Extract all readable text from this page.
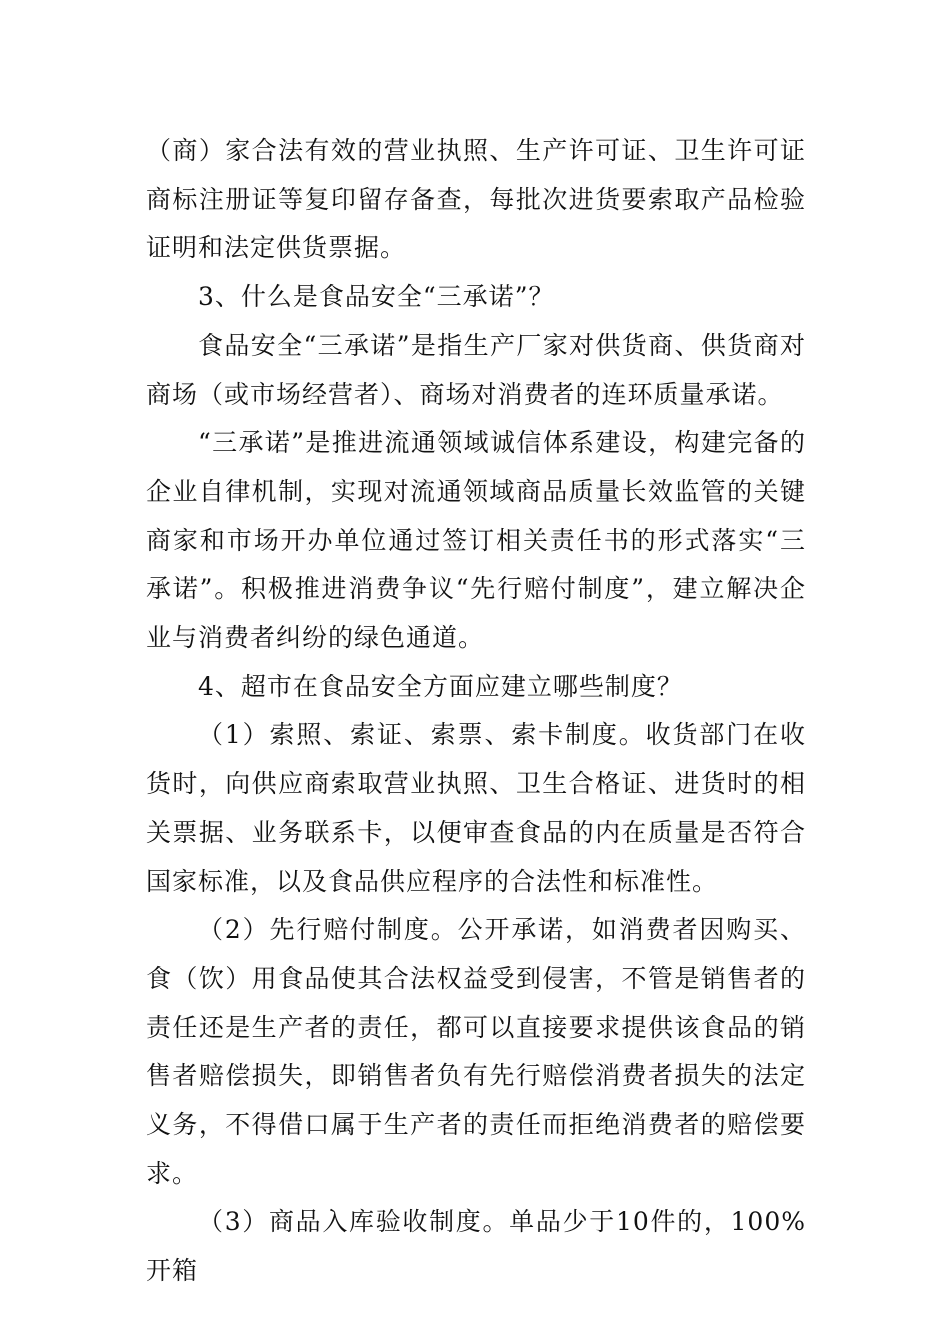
（商）家合法有效的营业执照、生产许可证、卫生许可证商标注册证等复印留存备查，每批次进货要索取产品检验证明和法定供货票据。

3、什么是食品安全“三承诺”？

食品安全“三承诺”是指生产厂家对供货商、供货商对商场（或市场经营者）、商场对消费者的连环质量承诺。

“三承诺”是推进流通领域诚信体系建设，构建完备的企业自律机制，实现对流通领域商品质量长效监管的关键商家和市场开办单位通过签订相关责任书的形式落实“三承诺”。积极推进消费争议“先行赔付制度”，建立解决企业与消费者纠纷的绿色通道。

4、超市在食品安全方面应建立哪些制度？

（1）索照、索证、索票、索卡制度。收货部门在收货时，向供应商索取营业执照、卫生合格证、进货时的相关票据、业务联系卡，以便审查食品的内在质量是否符合国家标准，以及食品供应程序的合法性和标准性。

（2）先行赔付制度。公开承诺，如消费者因购买、食（饮）用食品使其合法权益受到侵害，不管是销售者的责任还是生产者的责任，都可以直接要求提供该食品的销售者赔偿损失，即销售者负有先行赔偿消费者损失的法定义务，不得借口属于生产者的责任而拒绝消费者的赔偿要求。

（3）商品入库验收制度。单品少于10件的，100%开箱
